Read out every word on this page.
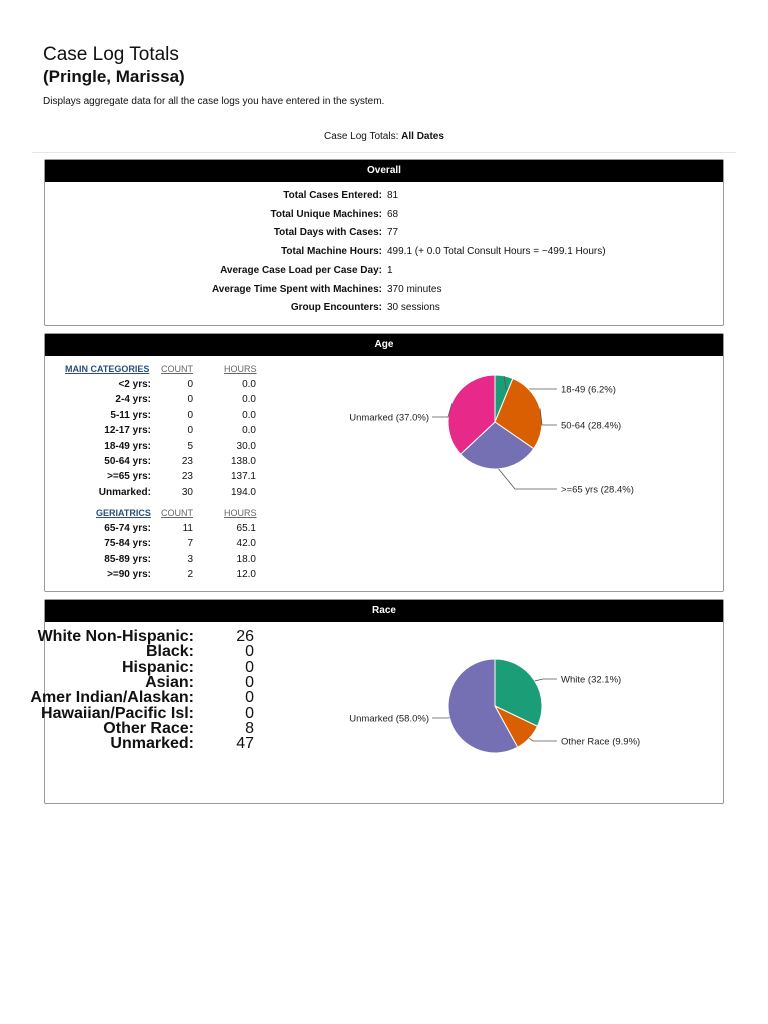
Case Log Totals
(Pringle, Marissa)

Displays aggregate data for all the case logs you have entered in the system.

Case Log Totals: All Dates
Overall
Total Cases Entered: 81
Total Unique Machines: 68
Total Days with Cases: 77
Total Machine Hours: 499.1 (+ 0.0 Total Consult Hours = ~499.1 Hours)
Average Case Load per Case Day: 1
Average Time Spent with Machines: 370 minutes
Group Encounters: 30 sessions
Age
MAIN CATEGORIES COUNT	HOURS
<2 yrs:	0	0.0
2-4 yrs:	0	0.0
5-11 yrs:	0	0.0
12-17 yrs:	0	0.0
18-49 yrs:	5	30.0
50-64 yrs:	23	138.0
>=65 yrs:	23	137.1
Unmarked:	30	194.0
GERIATRICS COUNT	HOURS
65-74 yrs:	11	65.1
75-84 yrs:	7	42.0
85-89 yrs:	3	18.0
>=90 yrs:	2	12.0
18-49 (6.2%)
50-64 (28.4%)
>=65 yrs (28.4%)
Unmarked (37.0%)
Race
White Non-Hispanic:	26
Black:	0
Hispanic:	0
Asian:	0
Amer Indian/Alaskan:	0
Hawaiian/Pacific Isl:	0
Other Race:	8
Unmarked:	47
White (32.1%)
Other Race (9.9%)
Unmarked (58.0%)
